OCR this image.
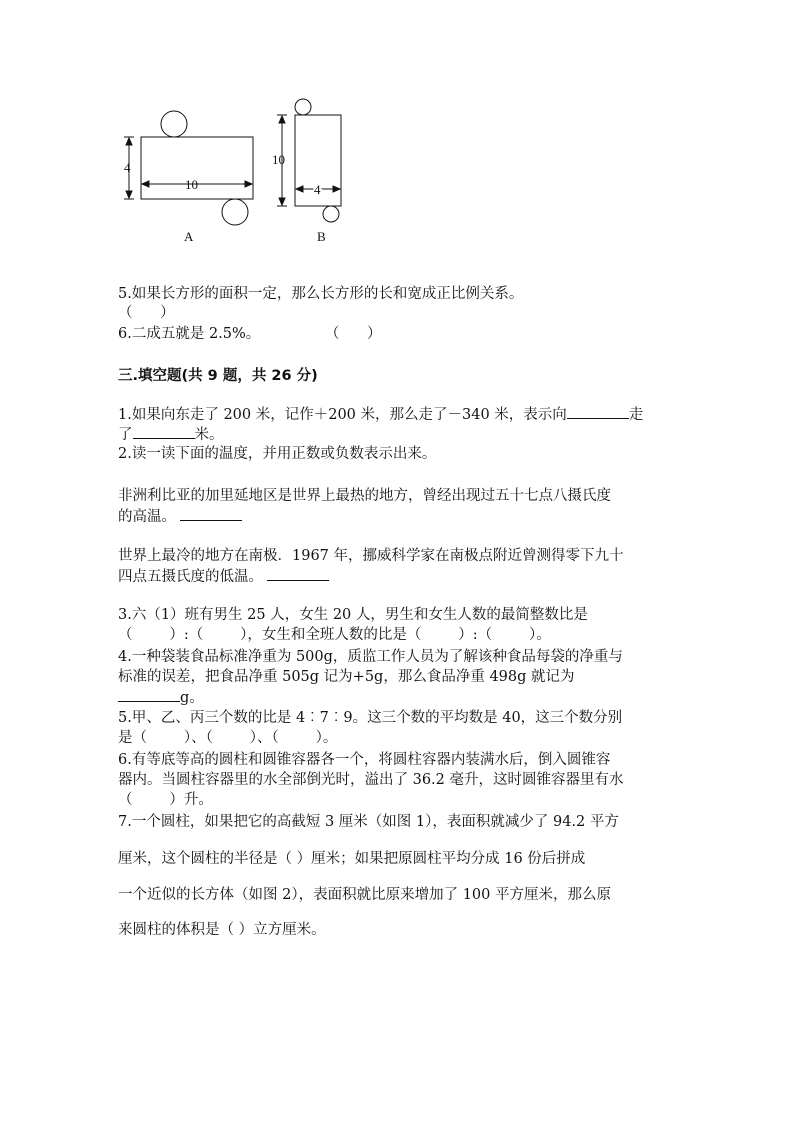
4
10
A
10
4
B
5.如果长方形的面积一定，那么长方形的长和宽成正比例关系。
（      ）
6.二成五就是 2.5%。	（      ）
三.填空题(共 9 题，共 26 分)
1.如果向东走了 200 米，记作＋200 米，那么走了－340 米，表示向	走
了	米。
2.读一读下面的温度，并用正数或负数表示出来。
非洲利比亚的加里延地区是世界上最热的地方，曾经出现过五十七点八摄氏度
的高温。
世界上最冷的地方在南极．1967 年，挪威科学家在南极点附近曾测得零下九十
四点五摄氏度的低温。
3.六（1）班有男生 25 人，女生 20 人，男生和女生人数的最简整数比是
（        ）:（        ），女生和全班人数的比是（        ）:（        ）。
4.一种袋装食品标准净重为 500g，质监工作人员为了解该种食品每袋的净重与
标准的误差，把食品净重 505g 记为+5g，那么食品净重 498g 就记为
g。
5.甲、乙、丙三个数的比是 4︰7︰9。这三个数的平均数是 40，这三个数分别
是（        ）、（        ）、（        ）。
6.有等底等高的圆柱和圆锥容器各一个，将圆柱容器内装满水后，倒入圆锥容
器内。当圆柱容器里的水全部倒光时，溢出了 36.2 毫升，这时圆锥容器里有水
（        ）升。
7.一个圆柱，如果把它的高截短 3 厘米（如图 1），表面积就减少了 94.2 平方
厘米，这个圆柱的半径是（ ）厘米；如果把原圆柱平均分成 16 份后拼成
一个近似的长方体（如图 2），表面积就比原来增加了 100 平方厘米，那么原
来圆柱的体积是（ ）立方厘米。
